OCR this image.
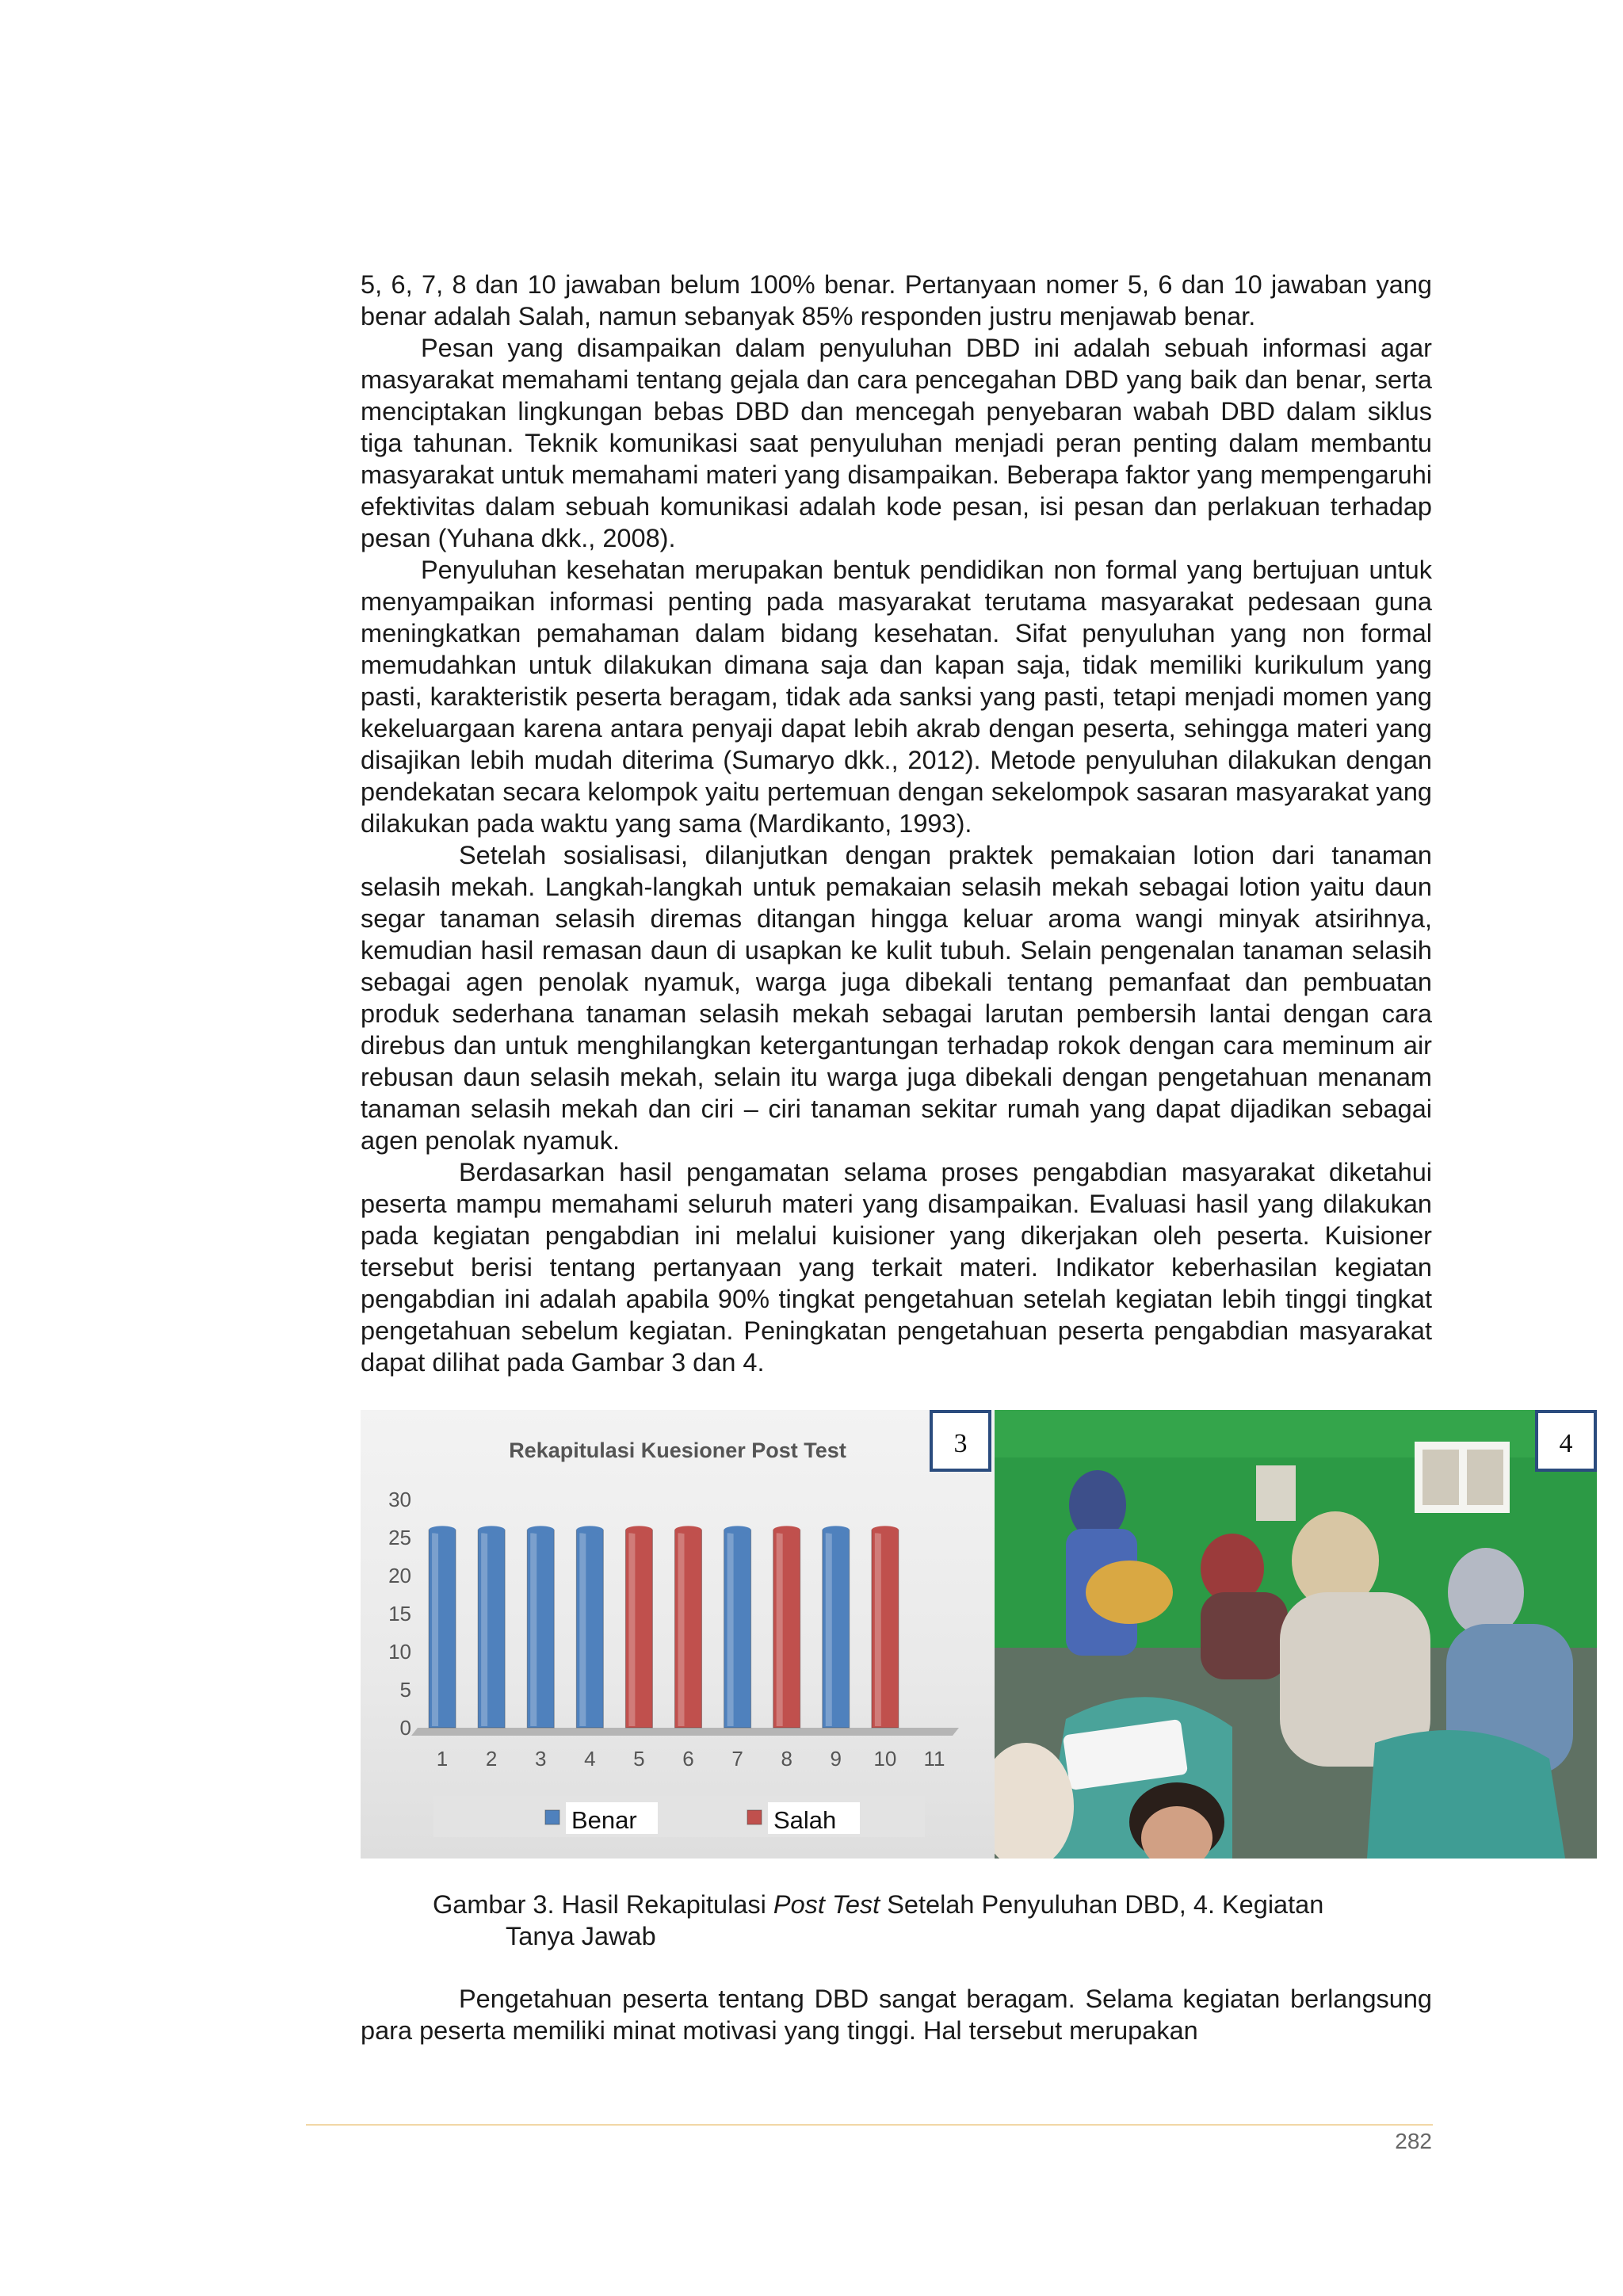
5, 6, 7, 8 dan 10 jawaban belum 100% benar. Pertanyaan nomer 5, 6 dan 10 jawaban yang benar adalah Salah, namun sebanyak 85% responden justru menjawab benar.

Pesan yang disampaikan dalam penyuluhan DBD ini adalah sebuah informasi agar masyarakat memahami tentang gejala dan cara pencegahan DBD yang baik dan benar, serta menciptakan lingkungan bebas DBD dan mencegah penyebaran wabah DBD dalam siklus tiga tahunan. Teknik komunikasi saat penyuluhan menjadi peran penting dalam membantu masyarakat untuk memahami materi yang disampaikan. Beberapa faktor yang mempengaruhi efektivitas dalam sebuah komunikasi adalah kode pesan, isi pesan dan perlakuan terhadap pesan (Yuhana dkk., 2008).

Penyuluhan kesehatan merupakan bentuk pendidikan non formal yang bertujuan untuk menyampaikan informasi penting pada masyarakat terutama masyarakat pedesaan guna meningkatkan pemahaman dalam bidang kesehatan. Sifat penyuluhan yang non formal memudahkan untuk dilakukan dimana saja dan kapan saja, tidak memiliki kurikulum yang pasti, karakteristik peserta beragam, tidak ada sanksi yang pasti, tetapi menjadi momen yang kekeluargaan karena antara penyaji dapat lebih akrab dengan peserta, sehingga materi yang disajikan lebih mudah diterima (Sumaryo dkk., 2012). Metode penyuluhan dilakukan dengan pendekatan secara kelompok yaitu pertemuan dengan sekelompok sasaran masyarakat yang dilakukan pada waktu yang sama (Mardikanto, 1993).

Setelah sosialisasi, dilanjutkan dengan praktek pemakaian lotion dari tanaman selasih mekah. Langkah-langkah untuk pemakaian selasih mekah sebagai lotion yaitu daun segar tanaman selasih diremas ditangan hingga keluar aroma wangi minyak atsirihnya, kemudian hasil remasan daun di usapkan ke kulit tubuh. Selain pengenalan tanaman selasih sebagai agen penolak nyamuk, warga juga dibekali tentang pemanfaat dan pembuatan produk sederhana tanaman selasih mekah sebagai larutan pembersih lantai dengan cara direbus dan untuk menghilangkan ketergantungan terhadap rokok dengan cara meminum air rebusan daun selasih mekah, selain itu warga juga dibekali dengan pengetahuan menanam tanaman selasih mekah dan ciri – ciri tanaman sekitar rumah yang dapat dijadikan sebagai agen penolak nyamuk.

Berdasarkan hasil pengamatan selama proses pengabdian masyarakat diketahui peserta mampu memahami seluruh materi yang disampaikan. Evaluasi hasil yang dilakukan pada kegiatan pengabdian ini melalui kuisioner yang dikerjakan oleh peserta. Kuisioner tersebut berisi tentang pertanyaan yang terkait materi. Indikator keberhasilan kegiatan pengabdian ini adalah apabila 90% tingkat pengetahuan setelah kegiatan lebih tinggi tingkat pengetahuan sebelum kegiatan. Peningkatan pengetahuan peserta pengabdian masyarakat dapat dilihat pada Gambar 3 dan 4.

Rekapitulasi Kuesioner Post Test
0
5
10
15
20
25
30
1 2 3 4 5 6 7 8 9 10 11
Benar	Salah
3	4
Gambar 3. Hasil Rekapitulasi Post Test Setelah Penyuluhan DBD, 4. Kegiatan
Tanya Jawab

Pengetahuan peserta tentang DBD sangat beragam. Selama kegiatan berlangsung para peserta memiliki minat motivasi yang tinggi. Hal tersebut merupakan

282
